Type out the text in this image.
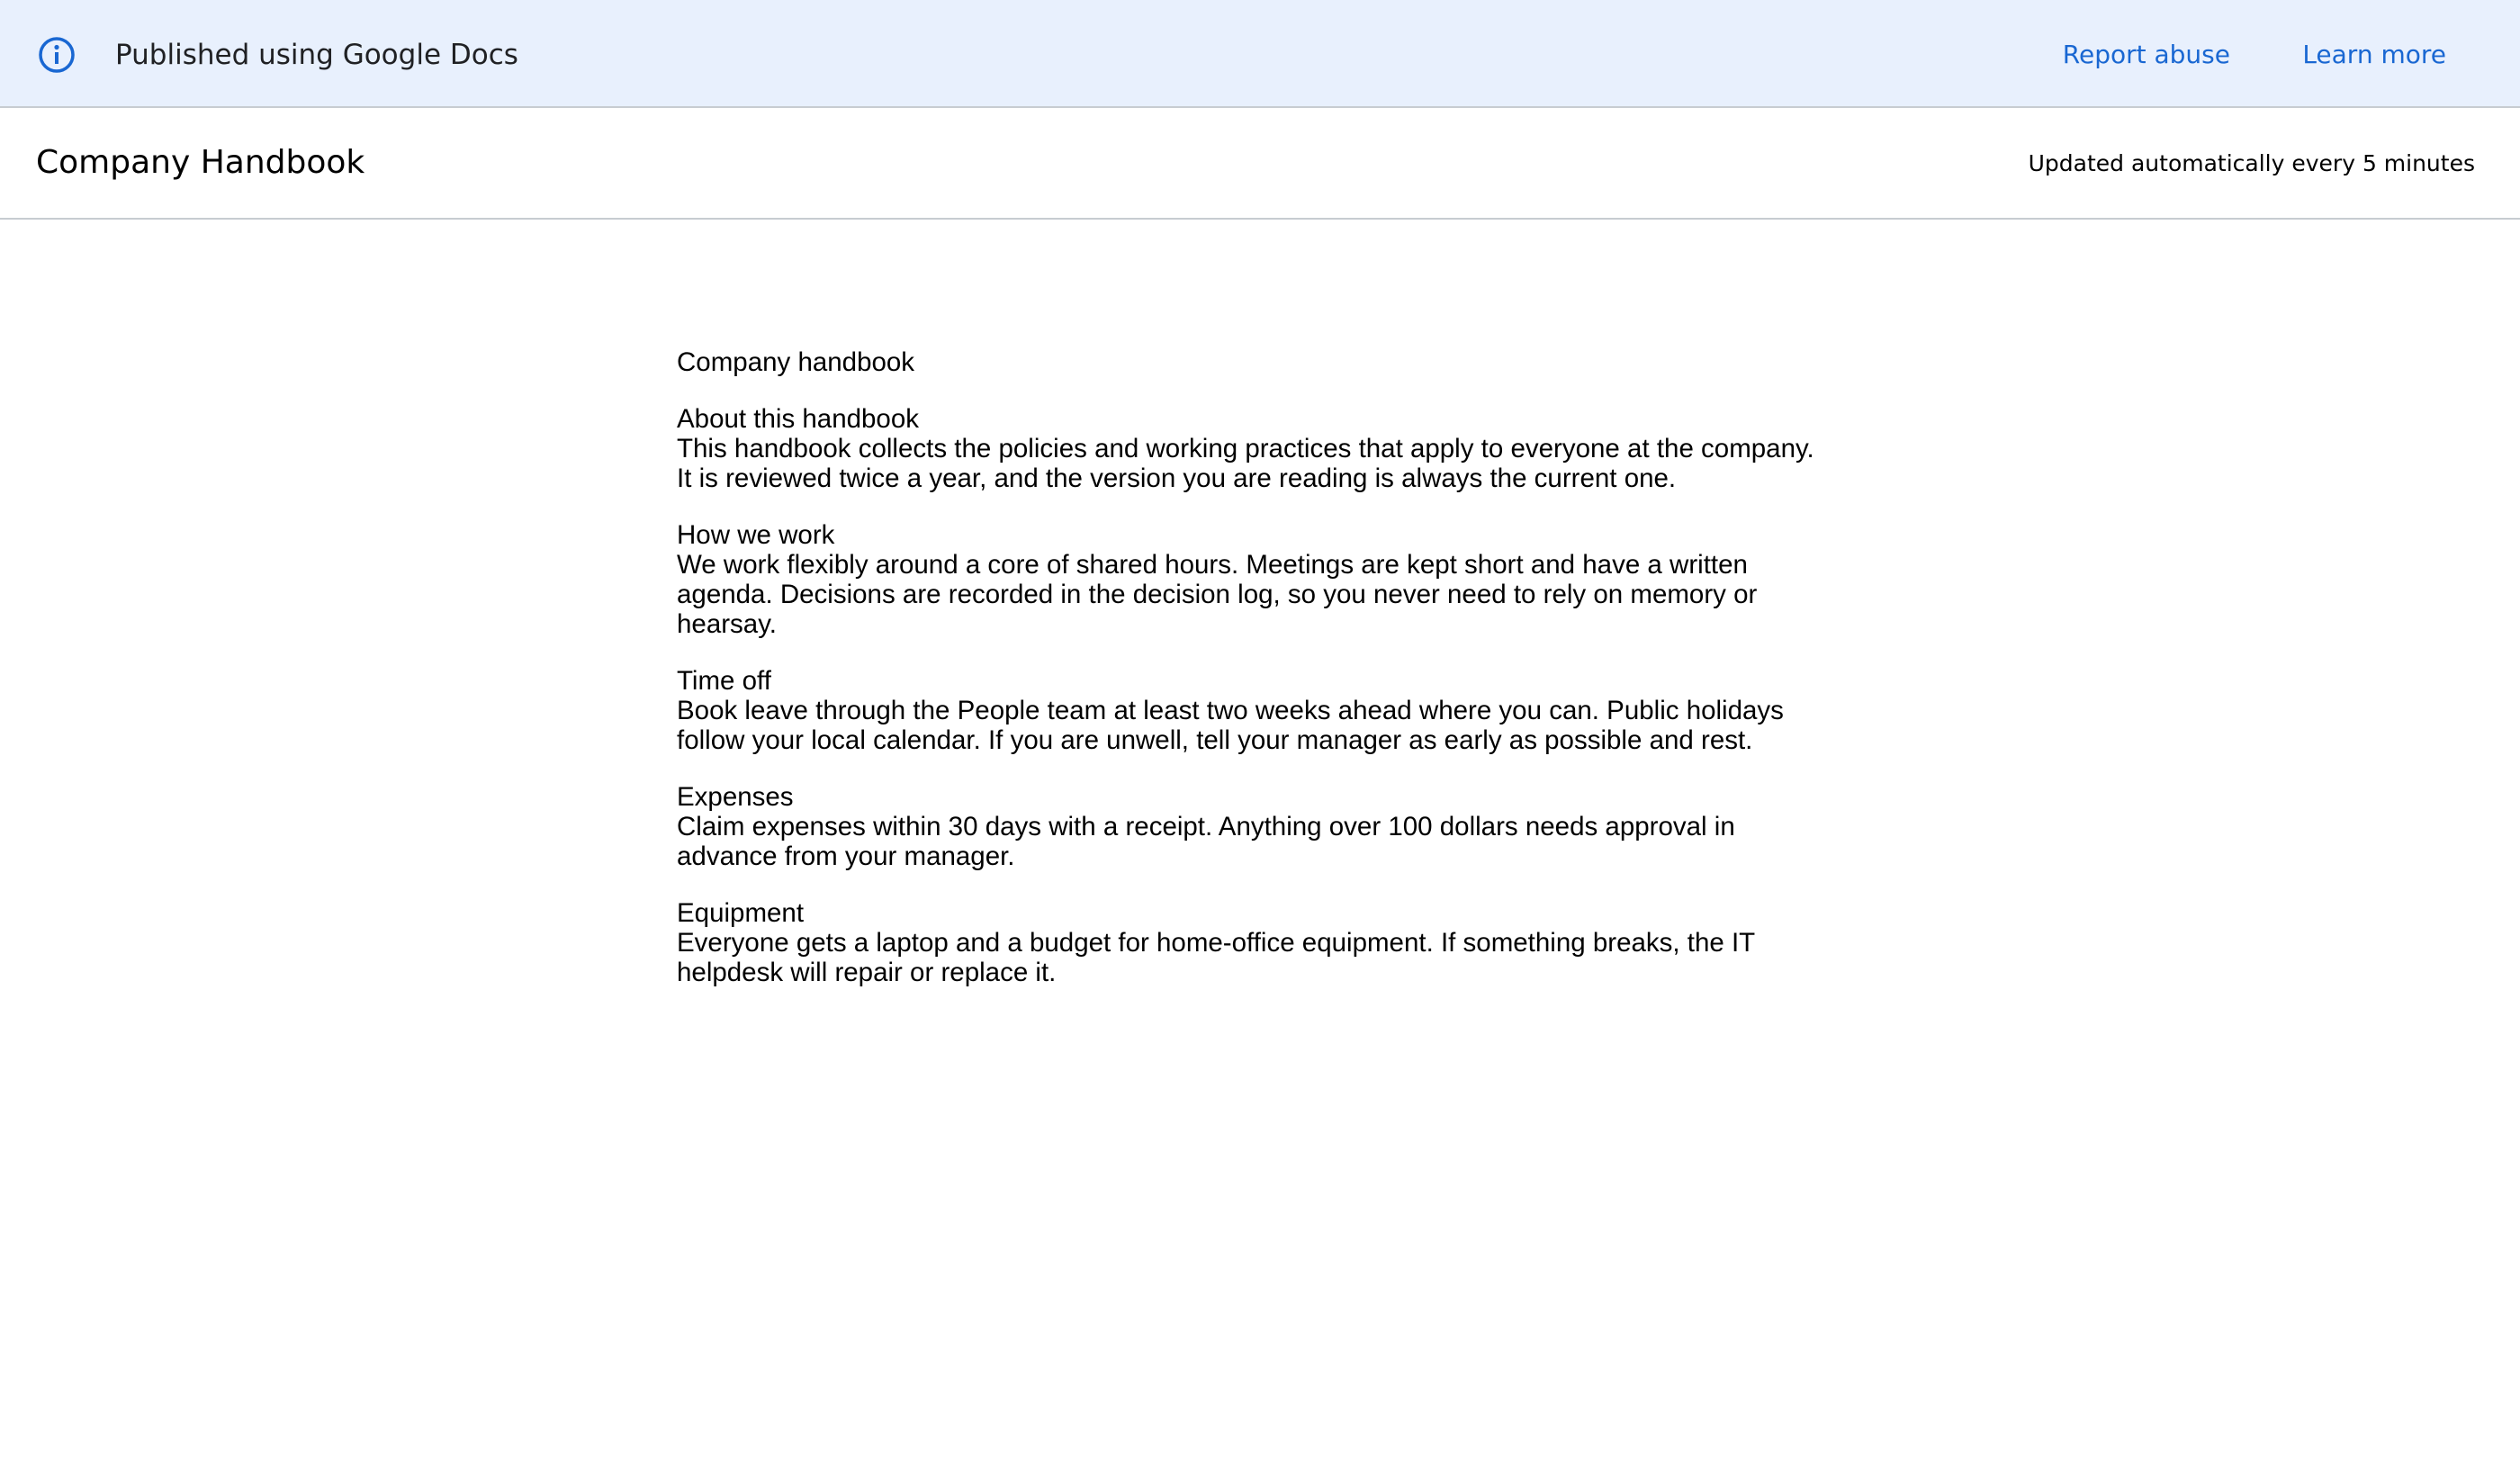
Published using Google Docs	Report abuse	Learn more
Company Handbook	Updated automatically every 5 minutes

Company handbook

About this handbook

This handbook collects the policies and working practices that apply to everyone at the company. It is reviewed twice a year, and the version you are reading is always the current one.

How we work

We work flexibly around a core of shared hours. Meetings are kept short and have a written agenda. Decisions are recorded in the decision log, so you never need to rely on memory or hearsay.

Time off

Book leave through the People team at least two weeks ahead where you can. Public holidays follow your local calendar. If you are unwell, tell your manager as early as possible and rest.

Expenses

Claim expenses within 30 days with a receipt. Anything over 100 dollars needs approval in advance from your manager.

Equipment

Everyone gets a laptop and a budget for home-office equipment. If something breaks, the IT helpdesk will repair or replace it.
